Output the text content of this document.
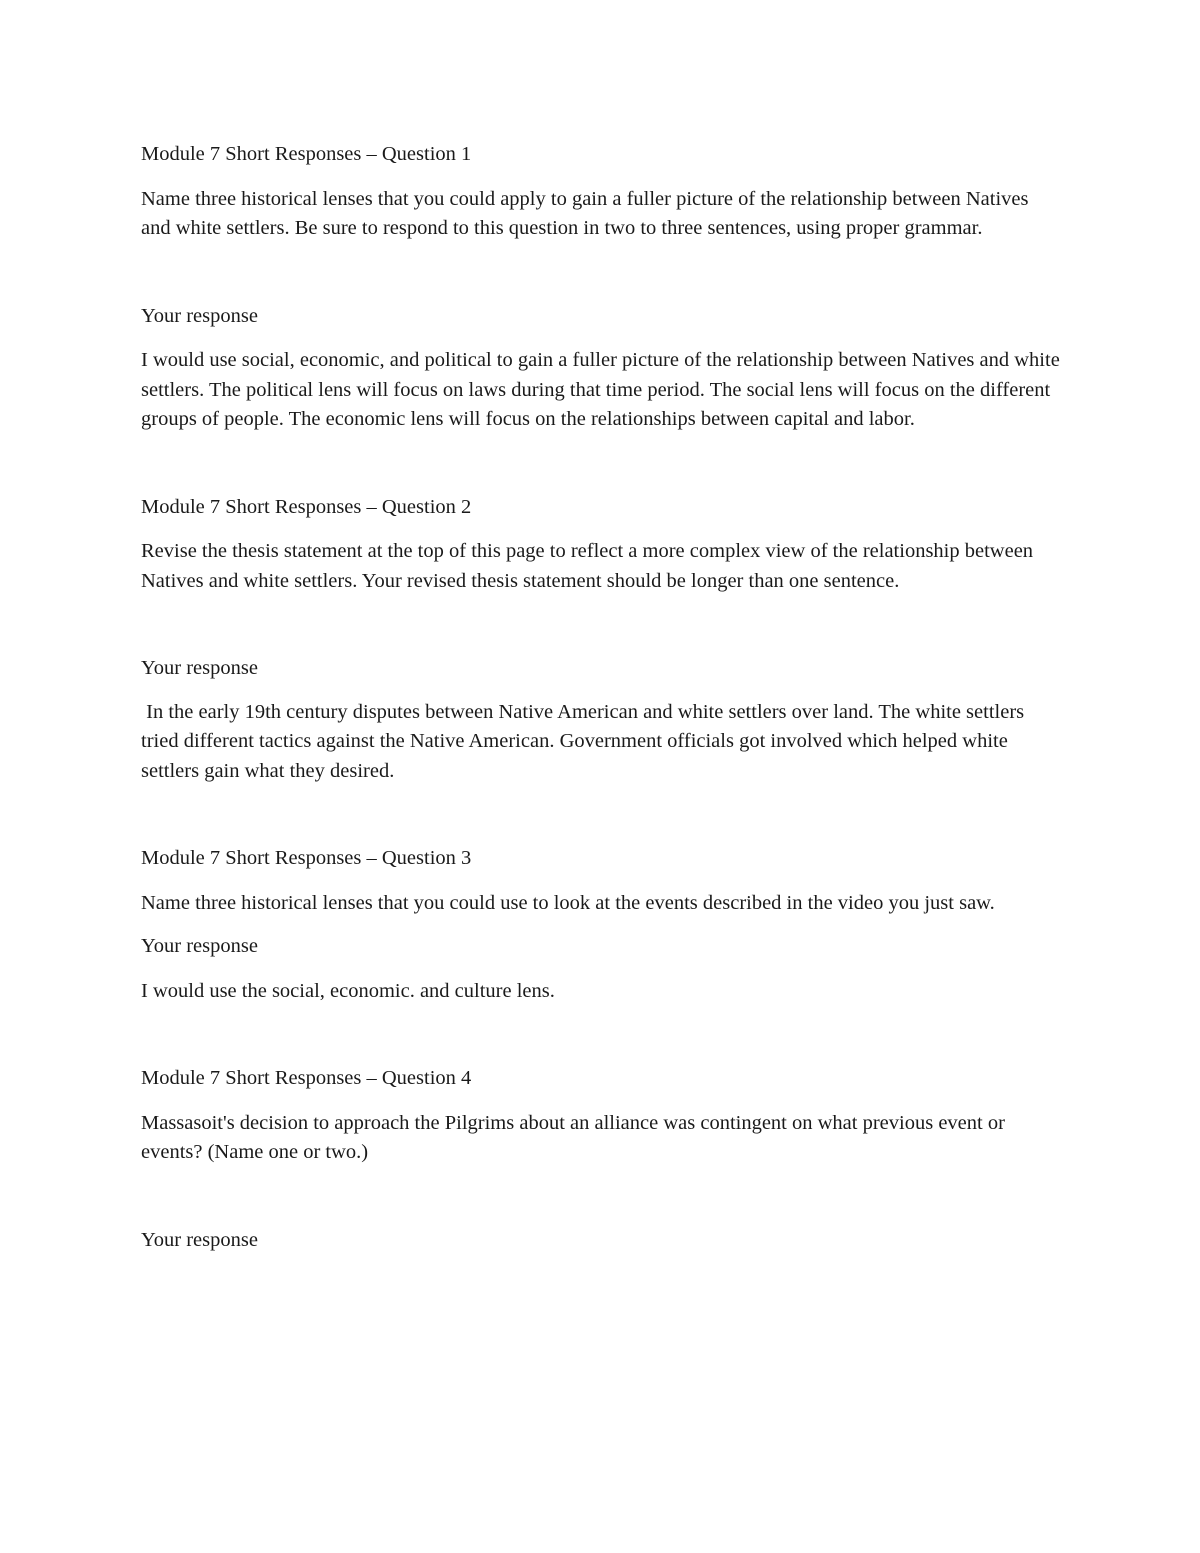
Module 7 Short Responses – Question 1

Name three historical lenses that you could apply to gain a fuller picture of the relationship between Natives and white settlers. Be sure to respond to this question in two to three sentences, using proper grammar.

Your response

I would use social, economic, and political to gain a fuller picture of the relationship between Natives and white settlers. The political lens will focus on laws during that time period. The social lens will focus on the different groups of people. The economic lens will focus on the relationships between capital and labor.

Module 7 Short Responses – Question 2

Revise the thesis statement at the top of this page to reflect a more complex view of the relationship between Natives and white settlers. Your revised thesis statement should be longer than one sentence.

Your response

In the early 19th century disputes between Native American and white settlers over land. The white settlers tried different tactics against the Native American. Government officials got involved which helped white settlers gain what they desired.

Module 7 Short Responses – Question 3

Name three historical lenses that you could use to look at the events described in the video you just saw.

Your response

I would use the social, economic. and culture lens.

Module 7 Short Responses – Question 4

Massasoit's decision to approach the Pilgrims about an alliance was contingent on what previous event or events? (Name one or two.)

Your response
